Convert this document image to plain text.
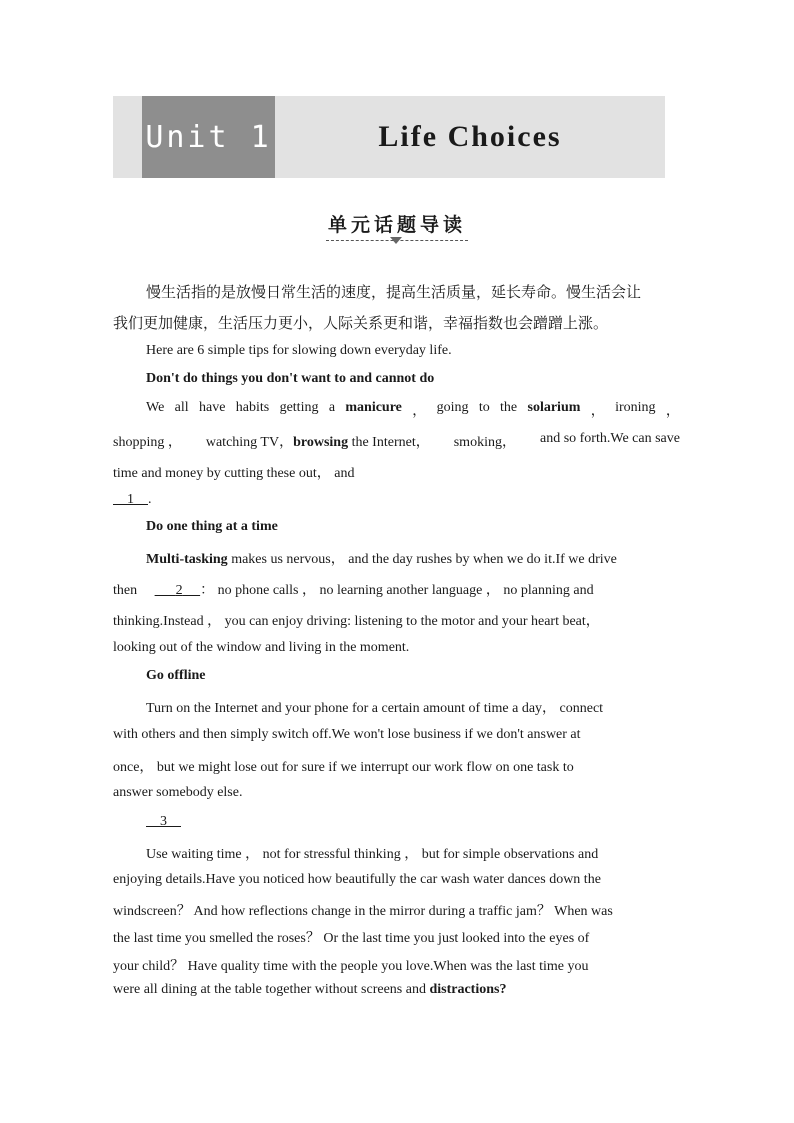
Unit 1	Life Choices
单元话题导读
慢生活指的是放慢日常生活的速度，提高生活质量，延长寿命。慢生活会让
我们更加健康，生活压力更小，人际关系更和谐，幸福指数也会蹭蹭上涨。
Here are 6 simple tips for slowing down everyday life.
Don't do things you don't want to and cannot do
We all have habits getting a manicure ， going to the solarium ， ironing ，
shopping ， watching TV，browsing the Internet， smoking， and so forth.We can save
time and money by cutting these out， and
1 .
Do one thing at a time
Multi-tasking makes us nervous， and the day rushes by when we do it.If we drive
then	2 ： no phone calls ， no learning another language ， no planning and
thinking.Instead ， you can enjoy driving: listening to the motor and your heart beat，
looking out of the window and living in the moment.
Go offline
Turn on the Internet and your phone for a certain amount of time a day， connect
with others and then simply switch off.We won't lose business if we don't answer at
once， but we might lose out for sure if we interrupt our work flow on one task to
answer somebody else.
3
Use waiting time ， not for stressful thinking ， but for simple observations and
enjoying details.Have you noticed how beautifully the car wash water dances down the
windscreen？ And how reflections change in the mirror during a traffic jam？ When was
the last time you smelled the roses？ Or the last time you just looked into the eyes of
your child？ Have quality time with the people you love.When was the last time you
were all dining at the table together without screens and distractions?
